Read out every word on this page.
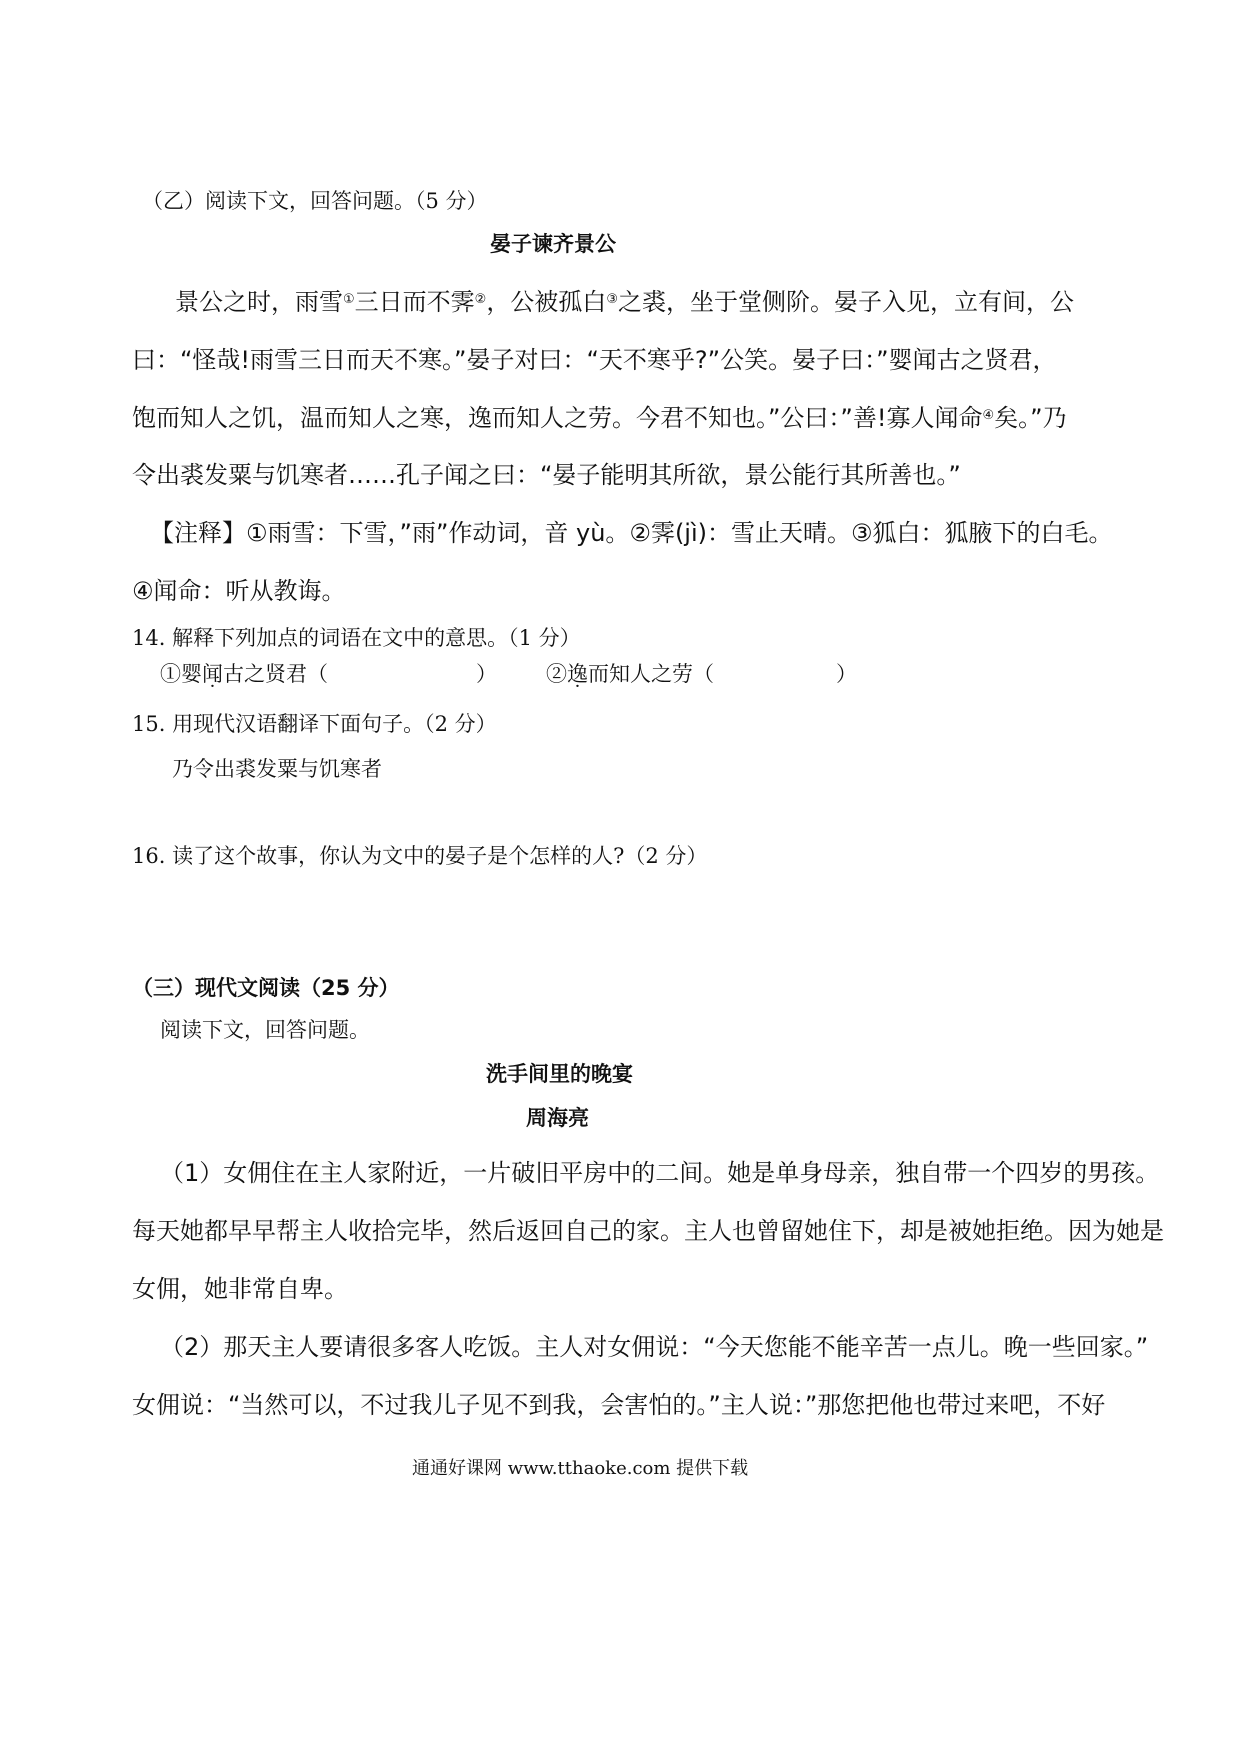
（乙）阅读下文，回答问题。（5 分）
晏子谏齐景公
景公之时，雨雪①三日而不霁②，公被孤白③之裘，坐于堂侧阶。晏子入见，立有间，公
曰：“怪哉!雨雪三日而天不寒。”晏子对曰：“天不寒乎?”公笑。晏子曰：”婴闻古之贤君，
饱而知人之饥，温而知人之寒，逸而知人之劳。今君不知也。”公曰：”善!寡人闻命④矣。”乃
令出裘发粟与饥寒者……孔子闻之曰：“晏子能明其所欲，景公能行其所善也。”
【注释】①雨雪：下雪，”雨”作动词，音 yù。②霁(jì)：雪止天晴。③狐白：狐腋下的白毛。
④闻命：听从教诲。
14. 解释下列加点的词语在文中的意思。（1 分）
①婴闻古之贤君（	） ②逸而知人之劳（	）
15. 用现代汉语翻译下面句子。（2 分）
乃令出裘发粟与饥寒者
16. 读了这个故事，你认为文中的晏子是个怎样的人?（2 分）
（三）现代文阅读（25 分）
阅读下文，回答问题。
洗手间里的晚宴
周海亮
（1）女佣住在主人家附近，一片破旧平房中的二间。她是单身母亲，独自带一个四岁的男孩。
每天她都早早帮主人收拾完毕，然后返回自己的家。主人也曾留她住下，却是被她拒绝。因为她是
女佣，她非常自卑。
（2）那天主人要请很多客人吃饭。主人对女佣说：“今天您能不能辛苦一点儿。晚一些回家。”
女佣说：“当然可以，不过我儿子见不到我，会害怕的。”主人说：”那您把他也带过来吧，不好
通通好课网 www.tthaoke.com 提供下载
